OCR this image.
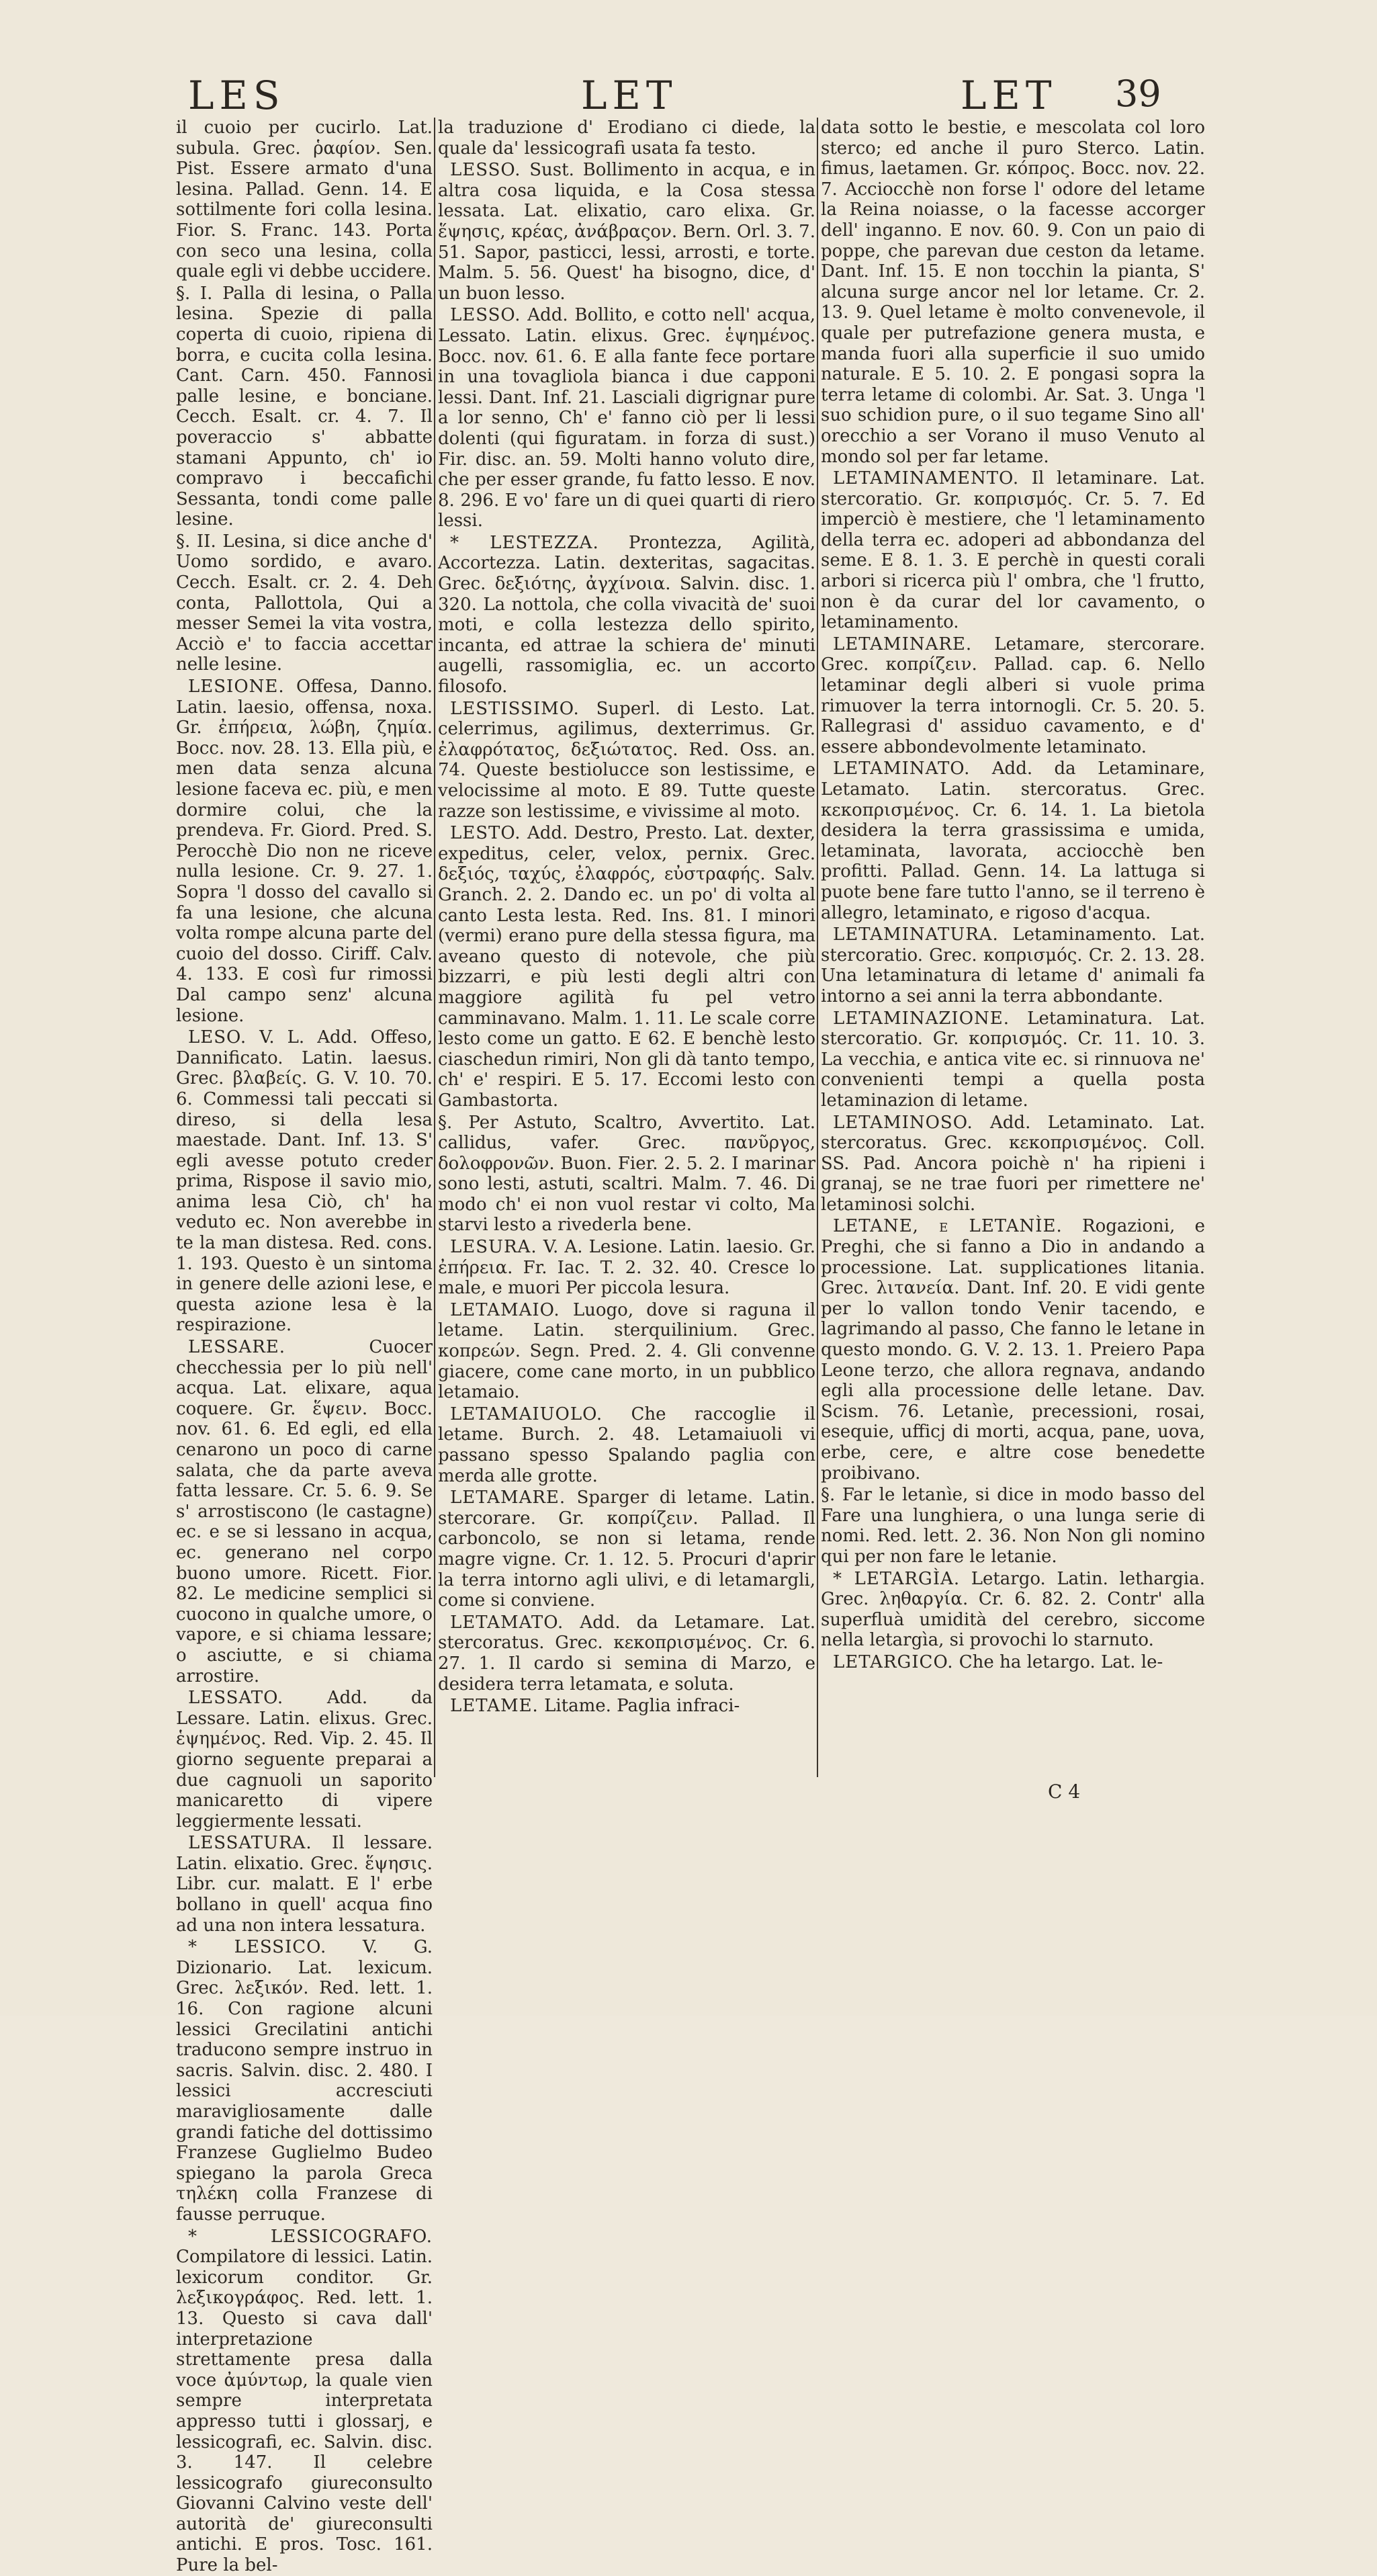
LES	LET	LET 39

il cuoio per cucirlo. Lat. subula. Grec. ῥαφίον. Sen. Pist. Essere armato d'una lesina. Pallad. Genn. 14. E sottilmente fori colla lesina. Fior. S. Franc. 143. Porta con seco una lesina, colla quale egli vi debbe uccidere.

§. I. Palla di lesina, o Palla lesina. Spezie di palla coperta di cuoio, ripiena di borra, e cucita colla lesina. Cant. Carn. 450. Fannosi palle lesine, e bonciane. Cecch. Esalt. cr. 4. 7. Il poveraccio s' abbatte stamani Appunto, ch' io compravo i beccafichi Sessanta, tondi come palle lesine.

§. II. Lesina, si dice anche d' Uomo sordido, e avaro. Cecch. Esalt. cr. 2. 4. Deh conta, Pallottola, Qui a messer Semei la vita vostra, Acciò e' to faccia accettar nelle lesine.

LESIONE. Offesa, Danno. Latin. laesio, offensa, noxa. Gr. ἐπήρεια, λώβη, ζημία. Bocc. nov. 28. 13. Ella più, e men data senza alcuna lesione faceva ec. più, e men dormire colui, che la prendeva. Fr. Giord. Pred. S. Perocchè Dio non ne riceve nulla lesione. Cr. 9. 27. 1. Sopra 'l dosso del cavallo si fa una lesione, che alcuna volta rompe alcuna parte del cuoio del dosso. Ciriff. Calv. 4. 133. E così fur rimossi Dal campo senz' alcuna lesione.

LESO. V. L. Add. Offeso, Dannificato. Latin. laesus. Grec. βλαβείς. G. V. 10. 70. 6. Commessi tali peccati si direso, si della lesa maestade. Dant. Inf. 13. S' egli avesse potuto creder prima, Rispose il savio mio, anima lesa Ciò, ch' ha veduto ec. Non averebbe in te la man distesa. Red. cons. 1. 193. Questo è un sintoma in genere delle azioni lese, e questa azione lesa è la respirazione.

LESSARE.	Cuocer checchessia per lo più nell' acqua. Lat. elixare, aqua coquere. Gr. ἕψειν. Bocc. nov. 61. 6. Ed egli, ed ella cenarono un poco di carne salata, che da parte aveva fatta lessare. Cr. 5. 6. 9. Se s' arrostiscono (le castagne) ec. e se si lessano in acqua, ec. generano nel corpo buono umore. Ricett. Fior. 82. Le medicine semplici si cuocono in qualche umore, o vapore, e si chiama lessare; o asciutte, e si chiama arrostire.

LESSATO. Add. da Lessare. Latin. elixus. Grec. ἑψημένος. Red. Vip. 2. 45. Il giorno seguente preparai a due cagnuoli un saporito manicaretto di vipere leggiermente lessati.

LESSATURA. Il lessare. Latin. elixatio. Grec. ἕψησις. Libr. cur. malatt. E l' erbe bollano in quell' acqua fino ad una non intera lessatura.

* LESSICO. V. G. Dizionario. Lat. lexicum. Grec. λεξικόν. Red. lett. 1. 16. Con ragione alcuni lessici Grecilatini antichi traducono sempre instruo in sacris. Salvin. disc. 2. 480. I lessici accresciuti maravigliosamente dalle grandi fatiche del dottissimo Franzese Guglielmo Budeo spiegano la parola Greca τηλέκη colla Franzese di fausse perruque.

* LESSICOGRAFO. Compilatore di lessici. Latin. lexicorum conditor. Gr. λεξικογράφος. Red. lett. 1. 13. Questo si cava dall' interpretazione strettamente presa dalla voce ἀμύντωρ, la quale vien sempre interpretata appresso tutti i glossarj, e lessicografi, ec. Salvin. disc. 3. 147. Il celebre lessicografo giureconsulto Giovanni Calvino veste dell' autorità de' giureconsulti antichi. E pros. Tosc. 161. Pure la bel-

la traduzione d' Erodiano ci diede, la quale da' lessicografi usata fa testo.

LESSO. Sust. Bollimento in acqua, e in altra cosa liquida, e la Cosa stessa lessata. Lat. elixatio, caro elixa. Gr. ἕψησις, κρέας, ἀνάβραςον. Bern. Orl. 3. 7. 51. Sapor, pasticci, lessi, arrosti, e torte. Malm. 5. 56. Quest' ha bisogno, dice, d' un buon lesso.

LESSO. Add. Bollito, e cotto nell' acqua, Lessato. Latin. elixus. Grec. ἑψημένος. Bocc. nov. 61. 6. E alla fante fece portare in una tovagliola bianca i due capponi lessi. Dant. Inf. 21. Lasciali digrignar pure a lor senno, Ch' e' fanno ciò per li lessi dolenti (qui figuratam. in forza di sust.) Fir. disc. an. 59. Molti hanno voluto dire, che per esser grande, fu fatto lesso. E nov. 8. 296. E vo' fare un di quei quarti di riero lessi.

* LESTEZZA. Prontezza, Agilità, Accortezza. Latin. dexteritas, sagacitas. Grec. δεξιότης, ἀγχίνοια. Salvin. disc. 1. 320. La nottola, che colla vivacità de' suoi moti, e colla lestezza dello spirito, incanta, ed attrae la schiera de' minuti augelli, rassomiglia, ec. un accorto filosofo.

LESTISSIMO. Superl. di Lesto. Lat. celerrimus, agilimus, dexterrimus. Gr. ἐλαφρότατος, δεξιώτατος. Red. Oss. an. 74. Queste bestiolucce son lestissime, e velocissime al moto. E 89. Tutte queste razze son lestissime, e vivissime al moto.

LESTO. Add. Destro, Presto. Lat. dexter, expeditus, celer, velox, pernix. Grec. δεξιός, ταχύς, ἐλαφρός, εὐστραφής. Salv. Granch. 2. 2. Dando ec. un po' di volta al canto Lesta lesta. Red. Ins. 81. I minori (vermi) erano pure della stessa figura, ma aveano questo di notevole, che più bizzarri, e più lesti degli altri con maggiore agilità fu pel vetro camminavano. Malm. 1. 11. Le scale corre lesto come un gatto. E 62. E benchè lesto ciaschedun rimiri, Non gli dà tanto tempo, ch' e' respiri. E 5. 17. Eccomi lesto con Gambastorta.

§. Per Astuto, Scaltro, Avvertito. Lat. callidus, vafer. Grec. πανῦργος, δολοφρονῶν. Buon. Fier. 2. 5. 2. I marinar sono lesti, astuti, scaltri. Malm. 7. 46. Di modo ch' ei non vuol restar vi colto, Ma starvi lesto a rivederla bene.

LESURA. V. A. Lesione. Latin. laesio. Gr. ἐπήρεια. Fr. Iac. T. 2. 32. 40. Cresce lo male, e muori Per piccola lesura.

LETAMAIO. Luogo, dove si raguna il letame. Latin. sterquilinium. Grec. κοπρεών. Segn. Pred. 2. 4. Gli convenne giacere, come cane morto, in un pubblico letamaio.

LETAMAIUOLO. Che raccoglie il letame. Burch. 2. 48. Letamaiuoli vi passano spesso Spalando paglia con merda alle grotte.

LETAMARE. Sparger di letame. Latin. stercorare. Gr. κοπρίζειν. Pallad. Il carboncolo, se non si letama, rende magre vigne. Cr. 1. 12. 5. Procuri d'aprir la terra intorno agli ulivi, e di letamargli, come si conviene.

LETAMATO. Add. da Letamare. Lat. stercoratus. Grec. κεκοπρισμένος. Cr. 6. 27. 1. Il cardo si semina di Marzo, e desidera terra letamata, e soluta.

LETAME. Litame. Paglia infraci-

data sotto le bestie, e mescolata col loro sterco; ed anche il puro Sterco. Latin. fimus, laetamen. Gr. κόπρος. Bocc. nov. 22. 7. Acciocchè non forse l' odore del letame la Reina noiasse, o la facesse accorger dell' inganno. E nov. 60. 9. Con un paio di poppe, che parevan due ceston da letame. Dant. Inf. 15. E non tocchin la pianta, S' alcuna surge ancor nel lor letame. Cr. 2. 13. 9. Quel letame è molto convenevole, il quale per putrefazione genera musta, e manda fuori alla superficie il suo umido naturale. E 5. 10. 2. E pongasi sopra la terra letame di colombi. Ar. Sat. 3. Unga 'l suo schidion pure, o il suo tegame Sino all' orecchio a ser Vorano il muso Venuto al mondo sol per far letame.

LETAMINAMENTO. Il letaminare. Lat. stercoratio. Gr. κοπρισμός. Cr. 5. 7. Ed imperciò è mestiere, che 'l letaminamento della terra ec. adoperi ad abbondanza del seme. E 8. 1. 3. E perchè in questi corali arbori si ricerca più l' ombra, che 'l frutto, non è da curar del lor cavamento, o letaminamento.

LETAMINARE. Letamare, stercorare. Grec. κοπρίζειν. Pallad. cap. 6. Nello letaminar degli alberi si vuole prima rimuover la terra intornogli. Cr. 5. 20. 5. Rallegrasi d' assiduo cavamento, e d' essere abbondevolmente letaminato.

LETAMINATO. Add. da Letaminare, Letamato. Latin. stercoratus. Grec. κεκοπρισμένος. Cr. 6. 14. 1. La bietola desidera la terra grassissima e umida, letaminata, lavorata, acciocchè ben profitti. Pallad. Genn. 14. La lattuga si puote bene fare tutto l'anno, se il terreno è allegro, letaminato, e rigoso d'acqua.

LETAMINATURA. Letaminamento. Lat. stercoratio. Grec. κοπρισμός. Cr. 2. 13. 28. Una letaminatura di letame d' animali fa intorno a sei anni la terra abbondante.

LETAMINAZIONE. Letaminatura. Lat. stercoratio. Gr. κοπρισμός. Cr. 11. 10. 3. La vecchia, e antica vite ec. si rinnuova ne' convenienti tempi a quella posta letaminazion di letame.

LETAMINOSO. Add. Letaminato. Lat. stercoratus. Grec. κεκοπρισμένος. Coll. SS. Pad. Ancora poichè n' ha ripieni i granaj, se ne trae fuori per rimettere ne' letaminosi solchi.

LETANE, e LETANÌE. Rogazioni, e Preghi, che si fanno a Dio in andando a processione. Lat. supplicationes litania. Grec. λιτανεία. Dant. Inf. 20. E vidi gente per lo vallon tondo Venir tacendo, e lagrimando al passo, Che fanno le letane in questo mondo. G. V. 2. 13. 1. Preiero Papa Leone terzo, che allora regnava, andando egli alla processione delle letane. Dav. Scism. 76. Letanìe, precessioni, rosai, esequie, ufficj di morti, acqua, pane, uova, erbe, cere, e altre cose benedette proibivano.

§. Far le letanìe, si dice in modo basso del Fare una lunghiera, o una lunga serie di nomi. Red. lett. 2. 36. Non Non gli nomino qui per non fare le letanie.

* LETARGÌA. Letargo. Latin. lethargia. Grec. ληθαργία. Cr. 6. 82. 2. Contr' alla superfluà umidità del cerebro, siccome nella letargìa, si provochi lo starnuto.

LETARGICO. Che ha letargo. Lat. le-

C 4
